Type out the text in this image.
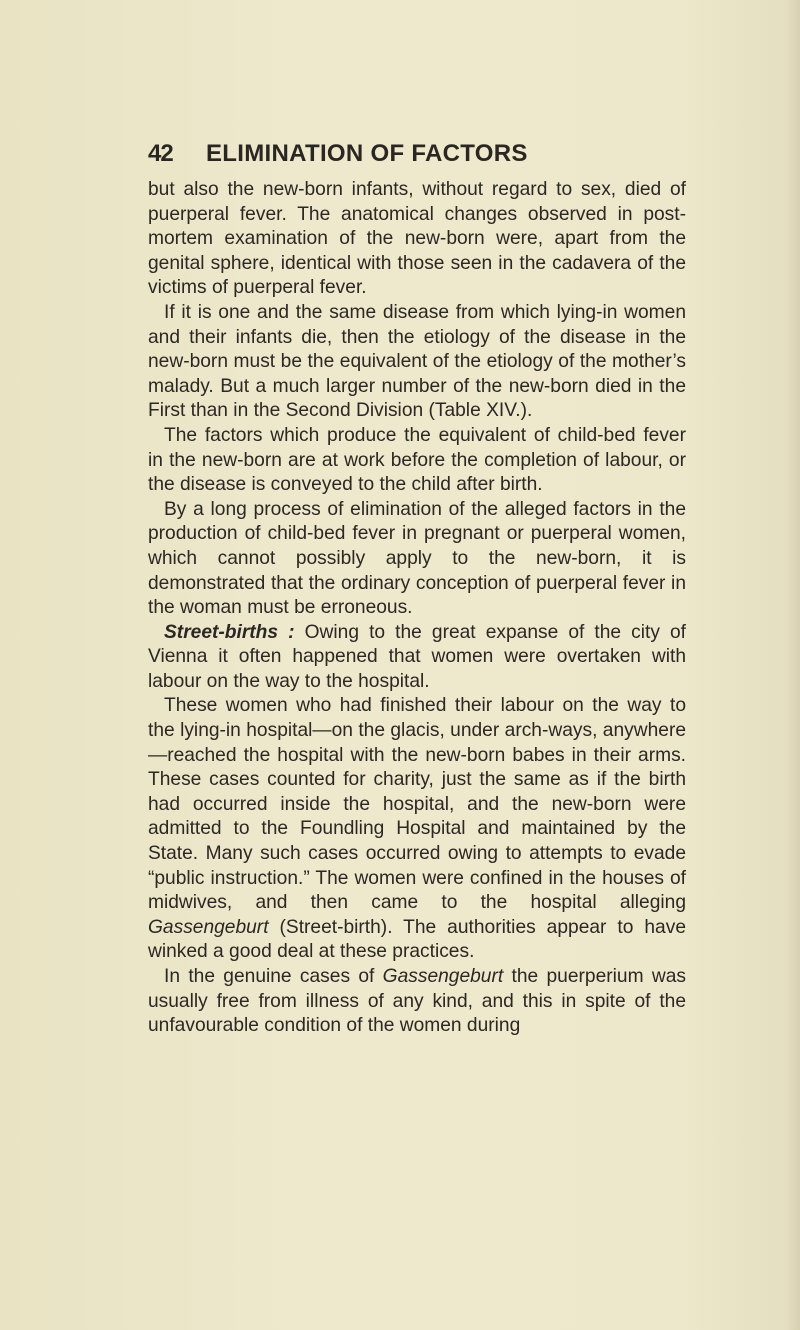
42 ELIMINATION OF FACTORS

but also the new-born infants, without regard to sex, died of puerperal fever. The anatomical changes observed in post-mortem examination of the new-born were, apart from the genital sphere, identical with those seen in the cadavera of the victims of puerperal fever.

If it is one and the same disease from which lying-in women and their infants die, then the etiology of the disease in the new-born must be the equivalent of the etiology of the mother’s malady. But a much larger number of the new-born died in the First than in the Second Division (Table XIV.).

The factors which produce the equivalent of child-bed fever in the new-born are at work before the completion of labour, or the disease is conveyed to the child after birth.

By a long process of elimination of the alleged factors in the production of child-bed fever in pregnant or puerperal women, which cannot possibly apply to the new-born, it is demonstrated that the ordinary conception of puerperal fever in the woman must be erroneous.

Street-births : Owing to the great expanse of the city of Vienna it often happened that women were overtaken with labour on the way to the hospital.

These women who had finished their labour on the way to the lying-in hospital—on the glacis, under arch-ways, anywhere—reached the hospital with the new-born babes in their arms. These cases counted for charity, just the same as if the birth had occurred inside the hospital, and the new-born were admitted to the Foundling Hospital and maintained by the State. Many such cases occurred owing to attempts to evade “public instruction.” The women were confined in the houses of midwives, and then came to the hospital alleging Gassengeburt (Street-birth). The authorities appear to have winked a good deal at these practices.

In the genuine cases of Gassengeburt the puerperium was usually free from illness of any kind, and this in spite of the unfavourable condition of the women during
